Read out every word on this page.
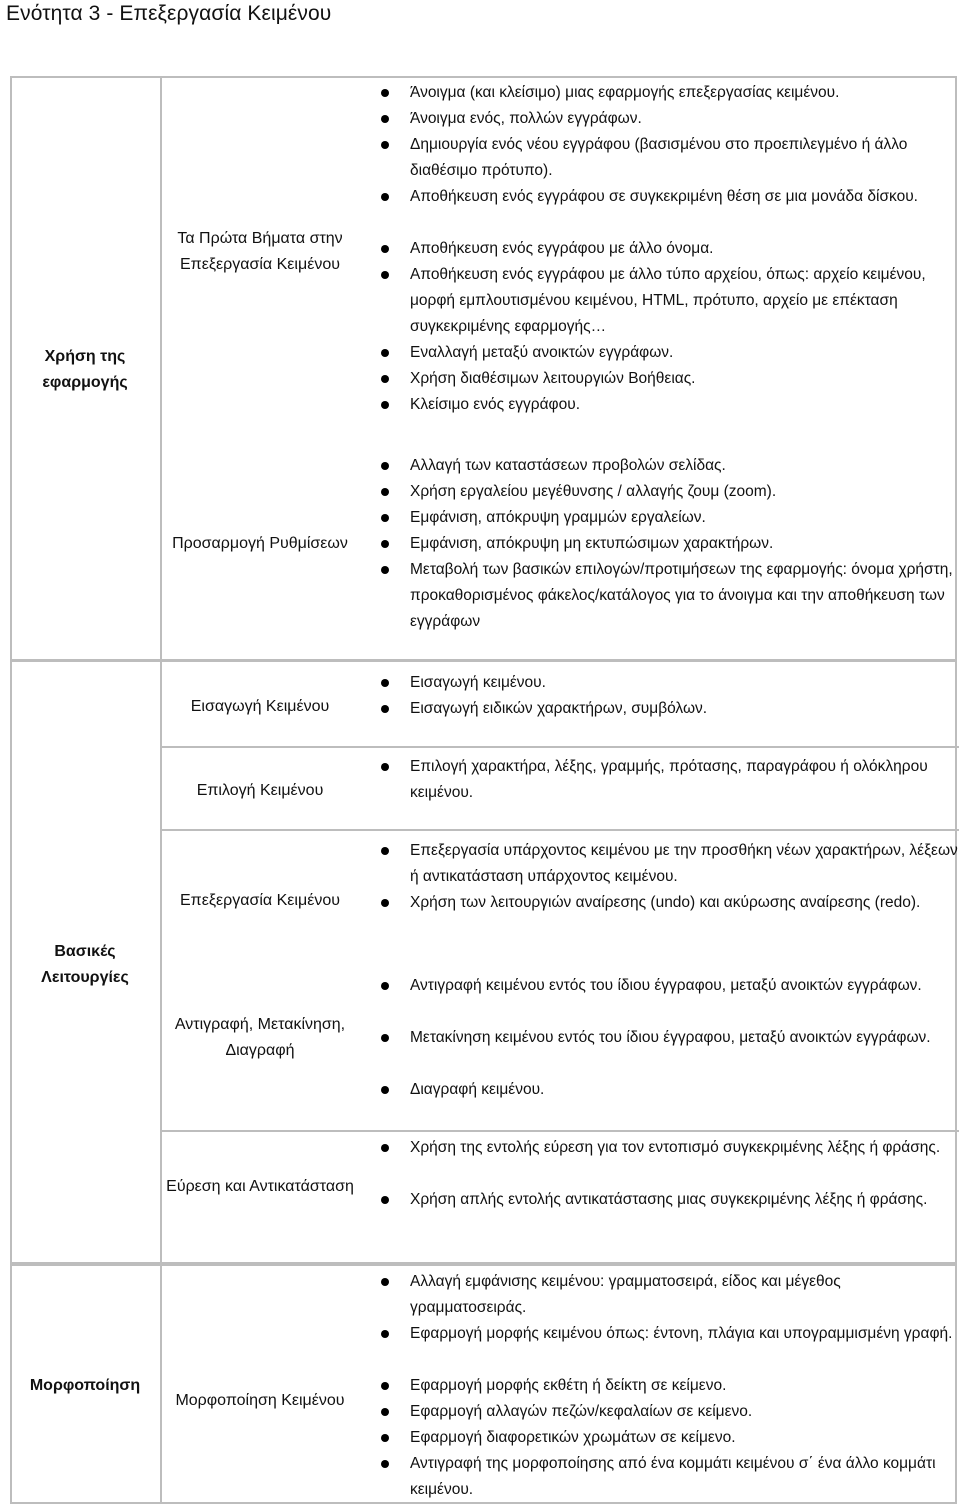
Ενότητα 3 - Επεξεργασία Κειμένου
Χρήση της εφαρμογής
Τα Πρώτα Βήματα στην Επεξεργασία Κειμένου
Άνοιγμα (και κλείσιμο) μιας εφαρμογής επεξεργασίας κειμένου.
Άνοιγμα ενός, πολλών εγγράφων.
Δημιουργία ενός νέου εγγράφου (βασισμένου στο προεπιλεγμένο ή άλλο διαθέσιμο πρότυπο).
Αποθήκευση ενός εγγράφου σε συγκεκριμένη θέση σε μια μονάδα δίσκου.
Αποθήκευση ενός εγγράφου με άλλο όνομα.
Αποθήκευση ενός εγγράφου με άλλο τύπο αρχείου, όπως: αρχείο κειμένου, μορφή εμπλουτισμένου κειμένου, HTML, πρότυπο, αρχείο με επέκταση συγκεκριμένης εφαρμογής…
Εναλλαγή μεταξύ ανοικτών εγγράφων.
Χρήση διαθέσιμων λειτουργιών Βοήθειας.
Κλείσιμο ενός εγγράφου.
Προσαρμογή Ρυθμίσεων
Αλλαγή των καταστάσεων προβολών σελίδας.
Χρήση εργαλείου μεγέθυνσης / αλλαγής ζουμ (zoom).
Εμφάνιση, απόκρυψη γραμμών εργαλείων.
Εμφάνιση, απόκρυψη μη εκτυπώσιμων χαρακτήρων.
Μεταβολή των βασικών επιλογών/προτιμήσεων της εφαρμογής: όνομα χρήστη, προκαθορισμένος φάκελος/κατάλογος για το άνοιγμα και την αποθήκευση των εγγράφων
Βασικές Λειτουργίες
Εισαγωγή Κειμένου
Εισαγωγή κειμένου.
Εισαγωγή ειδικών χαρακτήρων, συμβόλων.
Επιλογή Κειμένου
Επιλογή χαρακτήρα, λέξης, γραμμής, πρότασης, παραγράφου ή ολόκληρου κειμένου.
Επεξεργασία Κειμένου
Επεξεργασία υπάρχοντος κειμένου με την προσθήκη νέων χαρακτήρων, λέξεων ή αντικατάσταση υπάρχοντος κειμένου.
Χρήση των λειτουργιών αναίρεσης (undo) και ακύρωσης αναίρεσης (redo).
Αντιγραφή, Μετακίνηση, Διαγραφή
Αντιγραφή κειμένου εντός του ίδιου έγγραφου, μεταξύ ανοικτών εγγράφων.
Μετακίνηση κειμένου εντός του ίδιου έγγραφου, μεταξύ ανοικτών εγγράφων.
Διαγραφή κειμένου.
Εύρεση και Αντικατάσταση
Χρήση της εντολής εύρεση για τον εντοπισμό συγκεκριμένης λέξης ή φράσης.
Χρήση απλής εντολής αντικατάστασης μιας συγκεκριμένης λέξης ή φράσης.
Μορφοποίηση
Μορφοποίηση Κειμένου
Αλλαγή εμφάνισης κειμένου: γραμματοσειρά, είδος και μέγεθος γραμματοσειράς.
Εφαρμογή μορφής κειμένου όπως: έντονη, πλάγια και υπογραμμισμένη γραφή.
Εφαρμογή μορφής εκθέτη ή δείκτη σε κείμενο.
Εφαρμογή αλλαγών πεζών/κεφαλαίων σε κείμενο.
Εφαρμογή διαφορετικών χρωμάτων σε κείμενο.
Αντιγραφή της μορφοποίησης από ένα κομμάτι κειμένου σ΄ ένα άλλο κομμάτι κειμένου.
